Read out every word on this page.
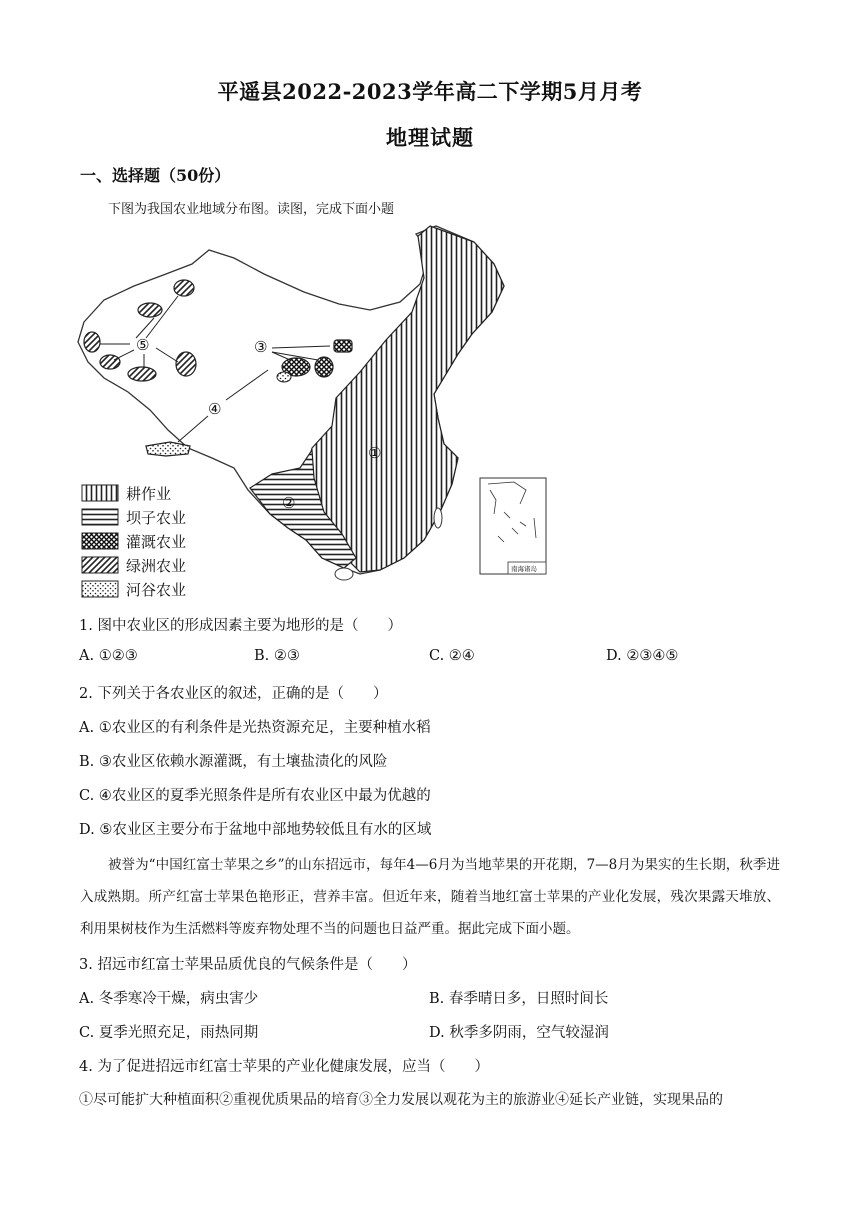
平遥县2022-2023学年高二下学期5月月考
地理试题
一、选择题（50份）
下图为我国农业地域分布图。读图，完成下面小题
⑤	③
④
①
②
南海诸岛
耕作业
坝子农业
灌溉农业
绿洲农业
河谷农业
1. 图中农业区的形成因素主要为地形的是（　　）
A. ①②③	B. ②③	C. ②④	D. ②③④⑤
2. 下列关于各农业区的叙述，正确的是（　　）
A. ①农业区的有利条件是光热资源充足，主要种植水稻
B. ③农业区依赖水源灌溉，有土壤盐渍化的风险
C. ④农业区的夏季光照条件是所有农业区中最为优越的
D. ⑤农业区主要分布于盆地中部地势较低且有水的区域
被誉为“中国红富士苹果之乡”的山东招远市，每年4—6月为当地苹果的开花期，7—8月为果实的生长期，秋季进入成熟期。所产红富士苹果色艳形正，营养丰富。但近年来，随着当地红富士苹果的产业化发展，残次果露天堆放、利用果树枝作为生活燃料等废弃物处理不当的问题也日益严重。据此完成下面小题。
3. 招远市红富士苹果品质优良的气候条件是（　　）
A. 冬季寒冷干燥，病虫害少	B. 春季晴日多，日照时间长
C. 夏季光照充足，雨热同期	D. 秋季多阴雨，空气较湿润
4. 为了促进招远市红富士苹果的产业化健康发展，应当（　　）
①尽可能扩大种植面积②重视优质果品的培育③全力发展以观花为主的旅游业④延长产业链，实现果品的
